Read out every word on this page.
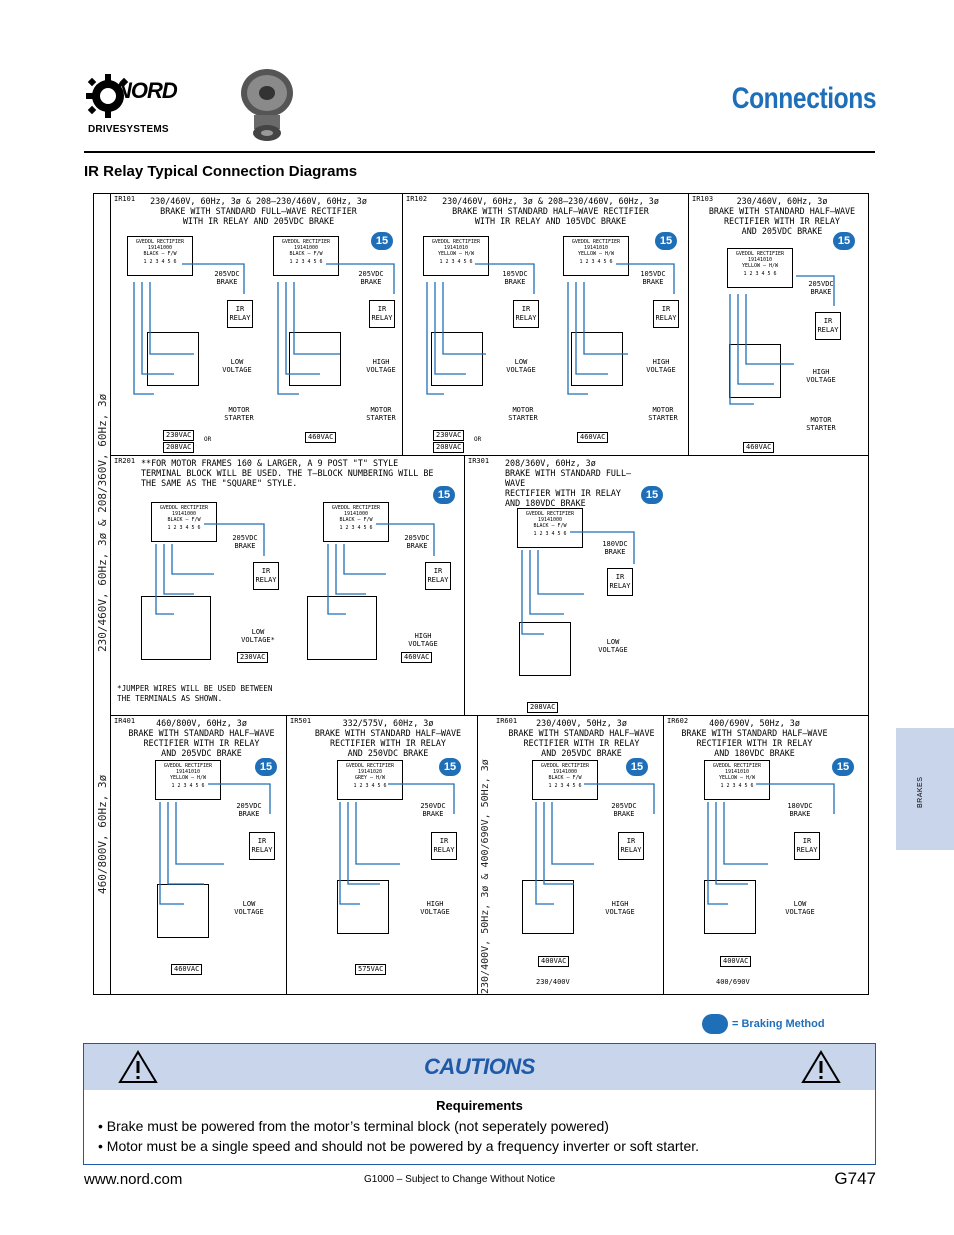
NORD
DRIVESYSTEMS
Connections
IR Relay Typical Connection Diagrams
230/460V, 60Hz, 3ø & 208/360V, 60Hz, 3ø
460/800V, 60Hz, 3ø
IR101	230/460V, 60Hz, 3ø & 208–230/460V, 60Hz, 3ø
BRAKE WITH STANDARD FULL–WAVE RECTIFIER
WITH IR RELAY AND 205VDC BRAKE
15
GVEDDL RECTIFIER
19141000
BLACK – F/W
1 2 3 4 5 6
205VDC BRAKE
IR RELAY
LOW VOLTAGE
MOTOR STARTER
230VAC
OR
208VAC
GVEDDL RECTIFIER
19141000
BLACK – F/W
1 2 3 4 5 6
205VDC BRAKE
IR RELAY
HIGH VOLTAGE
MOTOR STARTER
460VAC
IR102	230/460V, 60Hz, 3ø & 208–230/460V, 60Hz, 3ø
BRAKE WITH STANDARD HALF–WAVE RECTIFIER
WITH IR RELAY AND 105VDC BRAKE
15
GVEDDL RECTIFIER
19141010
YELLOW – H/W
1 2 3 4 5 6
105VDC BRAKE
IR RELAY
LOW VOLTAGE
MOTOR STARTER
230VAC
OR
208VAC
GVEDDL RECTIFIER
19141010
YELLOW – H/W
1 2 3 4 5 6
105VDC BRAKE
IR RELAY
HIGH VOLTAGE
MOTOR STARTER
460VAC
IR103	230/460V, 60Hz, 3ø
BRAKE WITH STANDARD HALF–WAVE
RECTIFIER WITH IR RELAY
AND 205VDC BRAKE
15
GVEDDL RECTIFIER
19141010
YELLOW – H/W
1 2 3 4 5 6
205VDC BRAKE
IR RELAY
HIGH VOLTAGE
MOTOR STARTER
460VAC
IR201 **FOR MOTOR FRAMES 160 & LARGER, A 9 POST "T" STYLE
TERMINAL BLOCK WILL BE USED. THE T–BLOCK NUMBERING WILL BE
THE SAME AS THE "SQUARE" STYLE.
15
GVEDDL RECTIFIER
19141000
BLACK – F/W
1 2 3 4 5 6
205VDC BRAKE
IR RELAY
LOW VOLTAGE*
230VAC
GVEDDL RECTIFIER
19141000
BLACK – F/W
1 2 3 4 5 6
205VDC BRAKE
IR RELAY
HIGH VOLTAGE
460VAC
*JUMPER WIRES WILL BE USED BETWEEN
THE TERMINALS AS SHOWN.
IR301 208/360V, 60Hz, 3ø
BRAKE WITH STANDARD FULL–WAVE
RECTIFIER WITH IR RELAY
AND 180VDC BRAKE
15
GVEDDL RECTIFIER
19141000
BLACK – F/W
1 2 3 4 5 6
180VDC BRAKE
IR RELAY
LOW VOLTAGE
208VAC
IR401	460/800V, 60Hz, 3ø
BRAKE WITH STANDARD HALF–WAVE
RECTIFIER WITH IR RELAY
AND 205VDC BRAKE
15
GVEDDL RECTIFIER
19141010
YELLOW – H/W
1 2 3 4 5 6
205VDC BRAKE
IR RELAY
LOW VOLTAGE
460VAC
IR501	332/575V, 60Hz, 3ø
BRAKE WITH STANDARD HALF–WAVE
RECTIFIER WITH IR RELAY
AND 250VDC BRAKE
15
GVEDDL RECTIFIER
19141020
GREY – H/W
1 2 3 4 5 6
250VDC BRAKE
IR RELAY
HIGH VOLTAGE
575VAC	230/400V, 50Hz, 3ø & 400/690V, 50Hz, 3ø
IR601	230/400V, 50Hz, 3ø
BRAKE WITH STANDARD HALF–WAVE
RECTIFIER WITH IR RELAY
AND 205VDC BRAKE
15
GVEDDL RECTIFIER
19141000
BLACK – F/W
1 2 3 4 5 6
205VDC BRAKE
IR RELAY
HIGH VOLTAGE
400VAC
230/400V
IR602	400/690V, 50Hz, 3ø
BRAKE WITH STANDARD HALF–WAVE
RECTIFIER WITH IR RELAY
AND 180VDC BRAKE
15
GVEDDL RECTIFIER
19141010
YELLOW – H/W
1 2 3 4 5 6
180VDC BRAKE
IR RELAY
LOW VOLTAGE
400VAC
400/690V
= Braking Method
BRAKES
CAUTIONS
Requirements
• Brake must be powered from the motor’s terminal block (not seperately powered)
• Motor must be a single speed and should not be powered by a frequency inverter or soft starter.
www.nord.com	G1000 – Subject to Change Without Notice	G747
